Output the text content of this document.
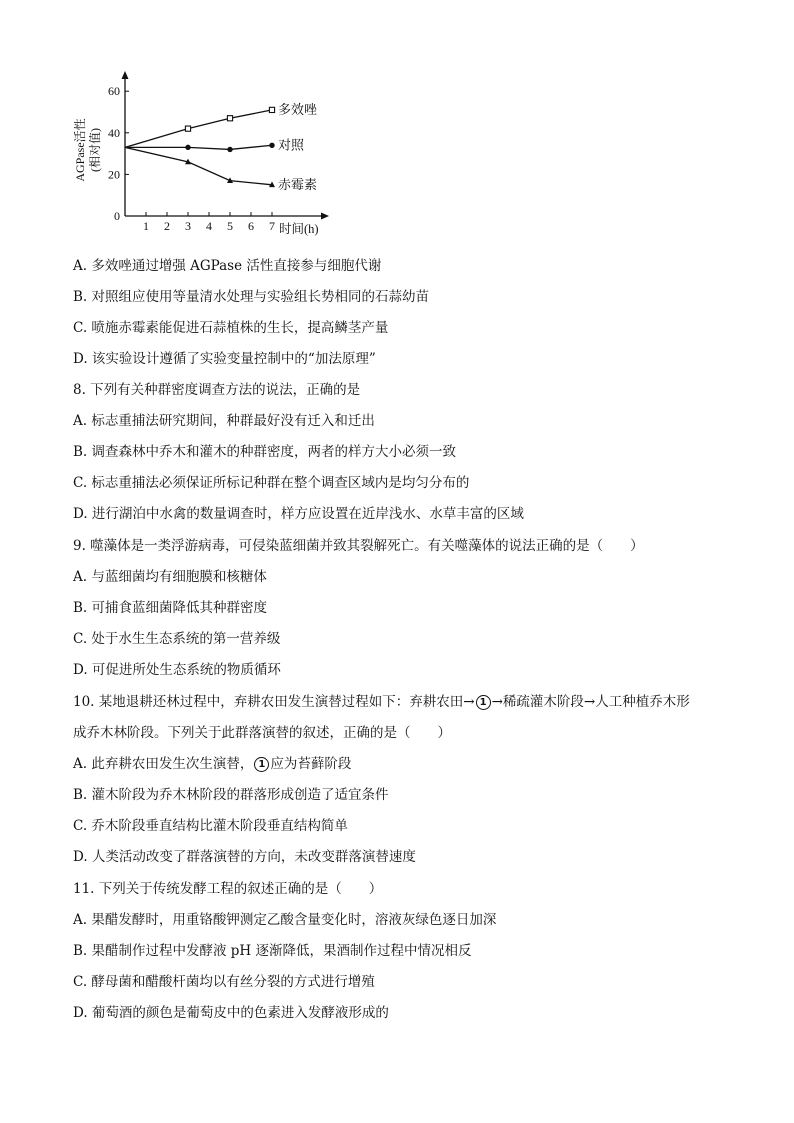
0
20
40
60
1 2 3 4 5 6 7
多效唑
对照
赤霉素
AGPase活性 (相对值)
时间(h)
A. 多效唑通过增强 AGPase 活性直接参与细胞代谢
B. 对照组应使用等量清水处理与实验组长势相同的石蒜幼苗
C. 喷施赤霉素能促进石蒜植株的生长，提高鳞茎产量
D. 该实验设计遵循了实验变量控制中的“加法原理”
8. 下列有关种群密度调查方法的说法，正确的是
A. 标志重捕法研究期间，种群最好没有迁入和迁出
B. 调查森林中乔木和灌木的种群密度，两者的样方大小必须一致
C. 标志重捕法必须保证所标记种群在整个调查区域内是均匀分布的
D. 进行湖泊中水禽的数量调查时，样方应设置在近岸浅水、水草丰富的区域
9. 噬藻体是一类浮游病毒，可侵染蓝细菌并致其裂解死亡。有关噬藻体的说法正确的是（　　）
A. 与蓝细菌均有细胞膜和核糖体
B. 可捕食蓝细菌降低其种群密度
C. 处于水生生态系统的第一营养级
D. 可促进所处生态系统的物质循环
10. 某地退耕还林过程中，弃耕农田发生演替过程如下：弃耕农田→ 1 →稀疏灌木阶段→人工种植乔木形
成乔木林阶段。下列关于此群落演替的叙述，正确的是（　　）
A. 此弃耕农田发生次生演替， 1 应为苔藓阶段
B. 灌木阶段为乔木林阶段的群落形成创造了适宜条件
C. 乔木阶段垂直结构比灌木阶段垂直结构简单
D. 人类活动改变了群落演替的方向，未改变群落演替速度
11. 下列关于传统发酵工程的叙述正确的是（　　）
A. 果醋发酵时，用重铬酸钾测定乙酸含量变化时，溶液灰绿色逐日加深
B. 果醋制作过程中发酵液 pH 逐渐降低，果酒制作过程中情况相反
C. 酵母菌和醋酸杆菌均以有丝分裂的方式进行增殖
D. 葡萄酒的颜色是葡萄皮中的色素进入发酵液形成的
